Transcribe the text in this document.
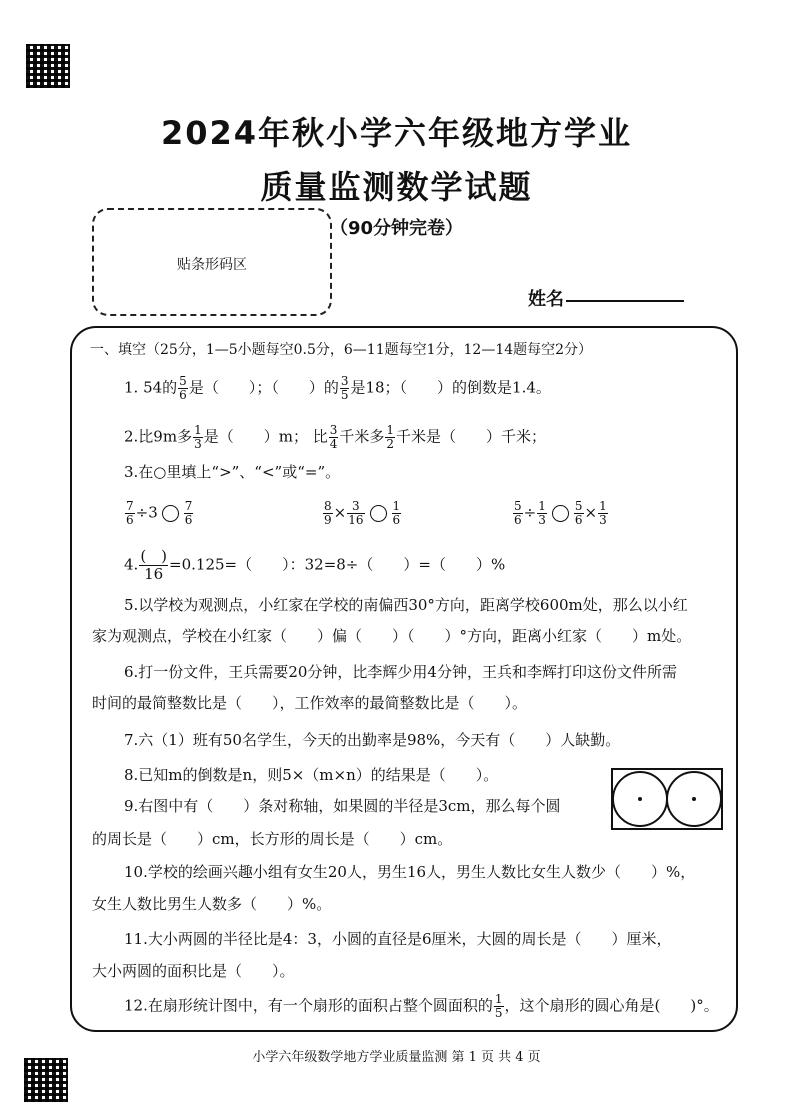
2024年秋小学六年级地方学业
质量监测数学试题
（90分钟完卷）
贴条形码区
姓名
一、填空（25分，1—5小题每空0.5分，6—11题每空1分，12—14题每空2分）
1. 54的 $\frac{5}{6}$ 是（　　）；（　　）的 $\frac{3}{5}$ 是18；（　　）的倒数是1.4。
2.比9m多 $\frac{1}{3}$ 是（　　）m； 比 $\frac{3}{4}$ 千米多 $\frac{1}{2}$ 千米是（　　）千米；
3.在○里填上“>”、“<”或“=”。
$\frac{7}{6} \div 3 \frac{7}{6}$	$\frac{8}{9} \times \frac{3}{16} \frac{1}{6}$	$\frac{5}{6} \div \frac{1}{3} \frac{5}{6} \times \frac{1}{3}$
4. $\frac{( )}{16} =0.125=$（　　）：32=8÷（　　）=（　　）%
5.以学校为观测点，小红家在学校的南偏西30°方向，距离学校600m处，那么以小红
家为观测点，学校在小红家（　　）偏（　　）（　　）°方向，距离小红家（　　）m处。
6.打一份文件，王兵需要20分钟，比李辉少用4分钟，王兵和李辉打印这份文件所需
时间的最简整数比是（　　），工作效率的最简整数比是（　　）。
7.六（1）班有50名学生，今天的出勤率是98%，今天有（　　）人缺勤。
8.已知m的倒数是n，则5×（m×n）的结果是（　　）。
9.右图中有（　　）条对称轴，如果圆的半径是3cm，那么每个圆
的周长是（　　）cm，长方形的周长是（　　）cm。
10.学校的绘画兴趣小组有女生20人，男生16人，男生人数比女生人数少（　　）%，
女生人数比男生人数多（　　）%。
11.大小两圆的半径比是4：3，小圆的直径是6厘米，大圆的周长是（　　）厘米，
大小两圆的面积比是（　　）。
12.在扇形统计图中，有一个扇形的面积占整个圆面积的 $\frac{1}{5}$ ，这个扇形的圆心角是(　　)°。
小学六年级数学地方学业质量监测 第 1 页 共 4 页
